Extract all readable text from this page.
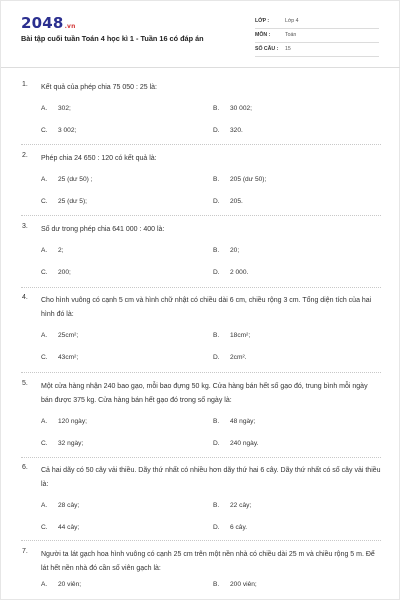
2048.vn
Bài tập cuối tuần Toán 4 học kì 1 - Tuần 16 có đáp án
LỚP :	Lớp 4
MÔN :	Toán
SỐ CÂU : 15
1. Kết quả của phép chia 75 050 : 25 là:
A. 302;	B. 30 002;
C. 3 002;	D. 320.
2. Phép chia 24 650 : 120 có kết quả là:
A. 25 (dư 50) ;	B. 205 (dư 50);
C. 25 (dư 5);	D. 205.
3. Số dư trong phép chia 641 000 : 400 là:
A. 2;	B. 20;
C. 200;	D. 2 000.
4. Cho hình vuông có cạnh 5 cm và hình chữ nhật có chiều dài 6 cm, chiều rộng 3 cm. Tổng diện tích của hai hình đó là:
A. 25cm²;	B. 18cm²;
C. 43cm²;	D. 2cm².
5. Một cửa hàng nhận 240 bao gạo, mỗi bao đựng 50 kg. Cửa hàng bán hết số gạo đó, trung bình mỗi ngày bán được 375 kg. Cửa hàng bán hết gạo đó trong số ngày là:
A. 120 ngày;	B. 48 ngày;
C. 32 ngày;	D. 240 ngày.
6. Cả hai dãy có 50 cây vải thiều. Dãy thứ nhất có nhiều hơn dãy thứ hai 6 cây. Dãy thứ nhất có số cây vải thiều là:
A. 28 cây;	B. 22 cây;
C. 44 cây;	D. 6 cây.
7. Người ta lát gạch hoa hình vuông có cạnh 25 cm trên một nền nhà có chiều dài 25 m và chiều rộng 5 m. Để lát hết nền nhà đó cần số viên gạch là:
A. 20 viên;	B. 200 viên;
